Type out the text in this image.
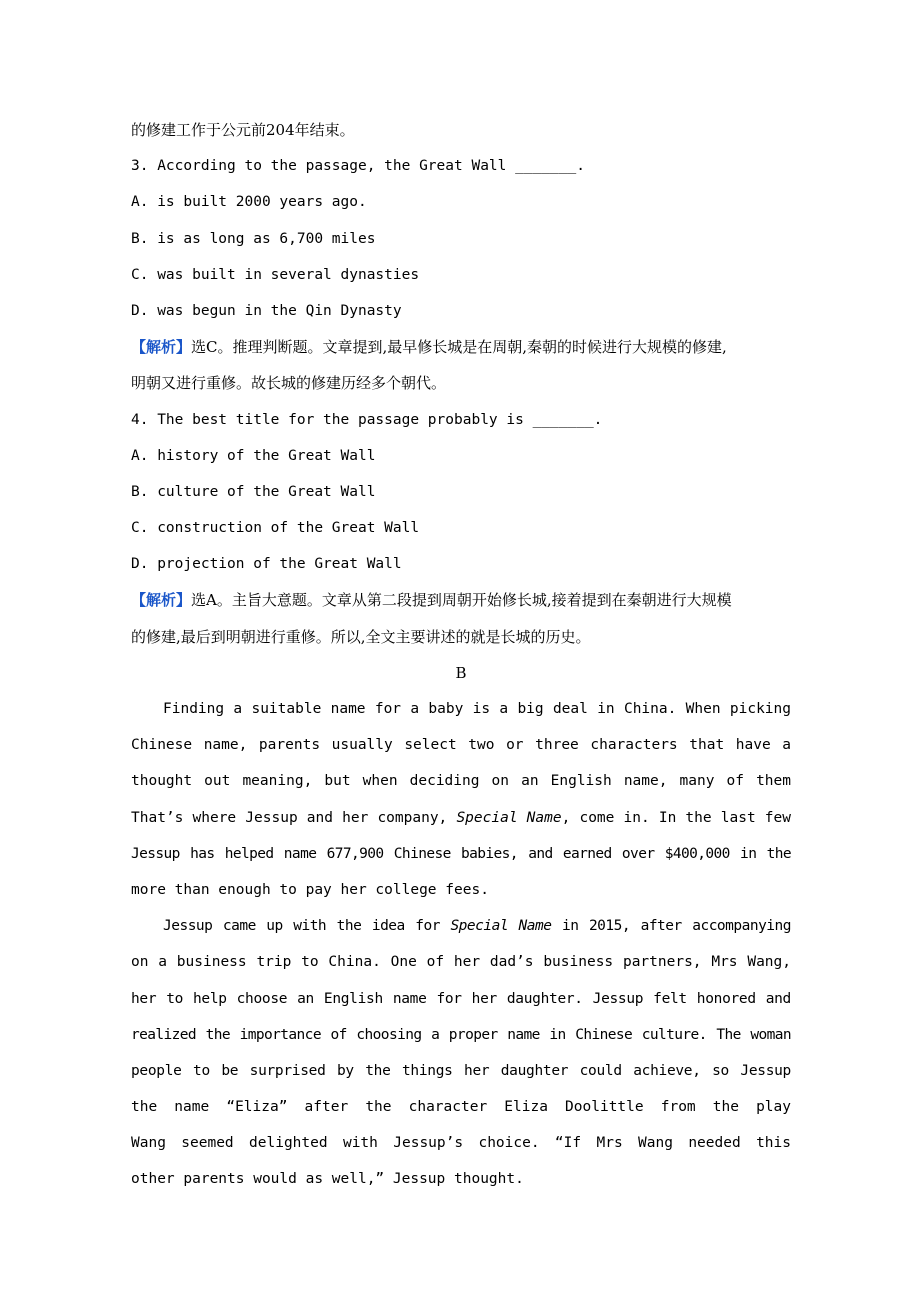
的修建工作于公元前204年结束。
3. According to the passage, the Great Wall _______.
A. is built 2000 years ago.
B. is as long as 6,700 miles
C. was built in several dynasties
D. was begun in the Qin Dynasty
【解析】选C。推理判断题。文章提到,最早修长城是在周朝,秦朝的时候进行大规模的修建,
明朝又进行重修。故长城的修建历经多个朝代。
4. The best title for the passage probably is _______.
A. history of the Great Wall
B. culture of the Great Wall
C. construction of the Great Wall
D. projection of the Great Wall
【解析】选A。主旨大意题。文章从第二段提到周朝开始修长城,接着提到在秦朝进行大规模
的修建,最后到明朝进行重修。所以,全文主要讲述的就是长城的历史。
B
Finding a suitable name for a baby is a big deal in China. When picking
Chinese name, parents usually select two or three characters that have a
thought out meaning, but when deciding on an English name, many of them
That’s where Jessup and her company, Special Name, come in. In the last few
Jessup has helped name 677,900 Chinese babies, and earned over $400,000 in the
more than enough to pay her college fees.
Jessup came up with the idea for Special Name in 2015, after accompanying
on a business trip to China. One of her dad’s business partners, Mrs Wang,
her to help choose an English name for her daughter. Jessup felt honored and
realized the importance of choosing a proper name in Chinese culture. The woman
people to be surprised by the things her daughter could achieve, so Jessup
the name “Eliza” after the character Eliza Doolittle from the play
Wang seemed delighted with Jessup’s choice. “If Mrs Wang needed this
other parents would as well,” Jessup thought.
